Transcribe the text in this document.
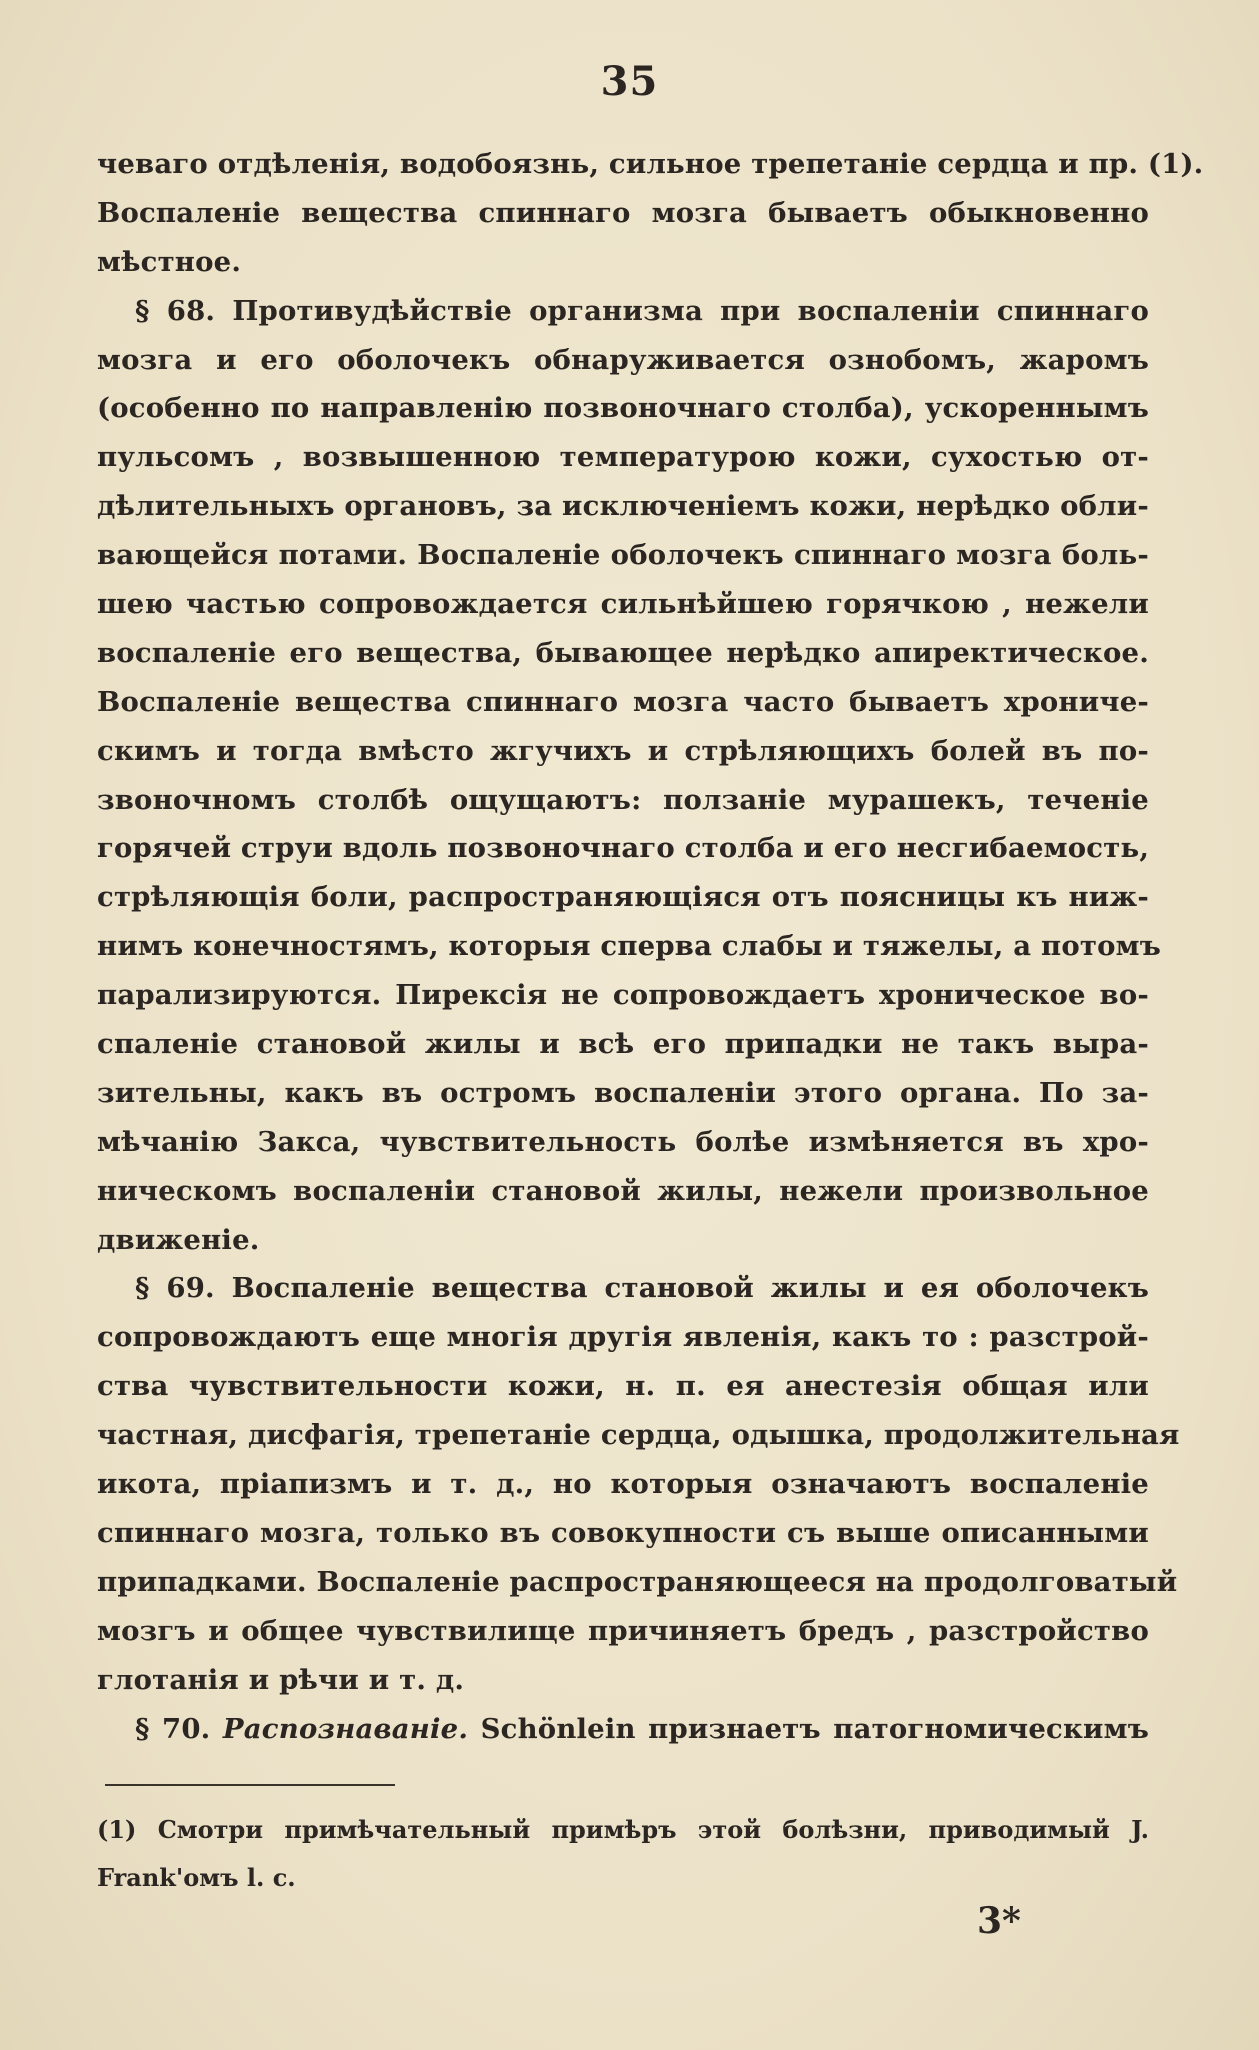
35
чеваго отдѣленія, водобоязнь, сильное трепетаніе сердца и пр. (1).
Воспаленіе вещества спиннаго мозга бываетъ обыкновенно
мѣстное.
§ 68. Противудѣйствіе организма при воспаленіи спиннаго
мозга и его оболочекъ обнаруживается ознобомъ, жаромъ
(особенно по направленію позвоночнаго столба), ускореннымъ
пульсомъ , возвышенною температурою кожи, сухостью от-
дѣлительныхъ органовъ, за исключеніемъ кожи, нерѣдко обли-
вающейся потами. Воспаленіе оболочекъ спиннаго мозга боль-
шею частью сопровождается сильнѣйшею горячкою , нежели
воспаленіе его вещества, бывающее нерѣдко апиректическое.
Воспаленіе вещества спиннаго мозга часто бываетъ хрониче-
скимъ и тогда вмѣсто жгучихъ и стрѣляющихъ болей въ по-
звоночномъ столбѣ ощущаютъ: ползаніе мурашекъ, теченіе
горячей струи вдоль позвоночнаго столба и его несгибаемость,
стрѣляющія боли, распространяющіяся отъ поясницы къ ниж-
нимъ конечностямъ, которыя сперва слабы и тяжелы, а потомъ
парализируются. Пирексія не сопровождаетъ хроническое во-
спаленіе становой жилы и всѣ его припадки не такъ выра-
зительны, какъ въ остромъ воспаленіи этого органа. По за-
мѣчанію Закса, чувствительность болѣе измѣняется въ хро-
ническомъ воспаленіи становой жилы, нежели произвольное
движеніе.
§ 69. Воспаленіе вещества становой жилы и ея оболочекъ
сопровождаютъ еще многія другія явленія, какъ то : разстрой-
ства чувствительности кожи, н. п. ея анестезія общая или
частная, дисфагія, трепетаніе сердца, одышка, продолжительная
икота, пріапизмъ и т. д., но которыя означаютъ воспаленіе
спиннаго мозга, только въ совокупности съ выше описанными
припадками. Воспаленіе распространяющееся на продолговатый
мозгъ и общее чувствилище причиняетъ бредъ , разстройство
глотанія и рѣчи и т. д.
§ 70. Распознаваніе. Schönlein признаетъ патогномическимъ
(1) Смотри примѣчательный примѣръ этой болѣзни, приводимый J.
Frank'омъ l. c.
3*
